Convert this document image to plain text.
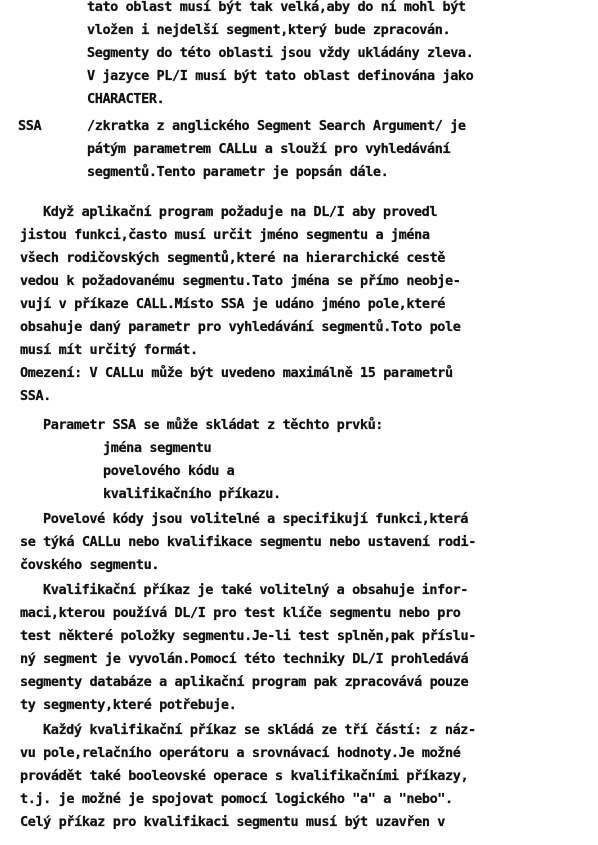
tato oblast musí být tak velká,aby do ní mohl být
vložen i nejdelší segment,který bude zpracován.
Segmenty do této oblasti jsou vždy ukládány zleva.
V jazyce PL/I musí být tato oblast definována jako
CHARACTER.
SSA	/zkratka z anglického Segment Search Argument/ je
pátým parametrem CALLu a slouží pro vyhledávání
segmentů.Tento parametr je popsán dále.
Když aplikační program požaduje na DL/I aby provedl
jistou funkci,často musí určit jméno segmentu a jména
všech rodičovských segmentů,které na hierarchické cestě
vedou k požadovanému segmentu.Tato jména se přímo neobje-
vují v příkaze CALL.Místo SSA je udáno jméno pole,které
obsahuje daný parametr pro vyhledávání segmentů.Toto pole
musí mít určitý formát.
Omezení: V CALLu může být uvedeno maximálně 15 parametrů
SSA.
Parametr SSA se může skládat z těchto prvků:
jména segmentu
povelového kódu a
kvalifikačního příkazu.
Povelové kódy jsou volitelné a specifikují funkci,která
se týká CALLu nebo kvalifikace segmentu nebo ustavení rodi-
čovského segmentu.
Kvalifikační příkaz je také volitelný a obsahuje infor-
maci,kterou používá DL/I pro test klíče segmentu nebo pro
test některé položky segmentu.Je-li test splněn,pak příslu-
ný segment je vyvolán.Pomocí této techniky DL/I prohledává
segmenty databáze a aplikační program pak zpracovává pouze
ty segmenty,které potřebuje.
Každý kvalifikační příkaz se skládá ze tří částí: z náz-
vu pole,relačního operátoru a srovnávací hodnoty.Je možné
provádět také booleovské operace s kvalifikačními příkazy,
t.j. je možné je spojovat pomocí logického "a" a "nebo".
Celý příkaz pro kvalifikaci segmentu musí být uzavřen v
